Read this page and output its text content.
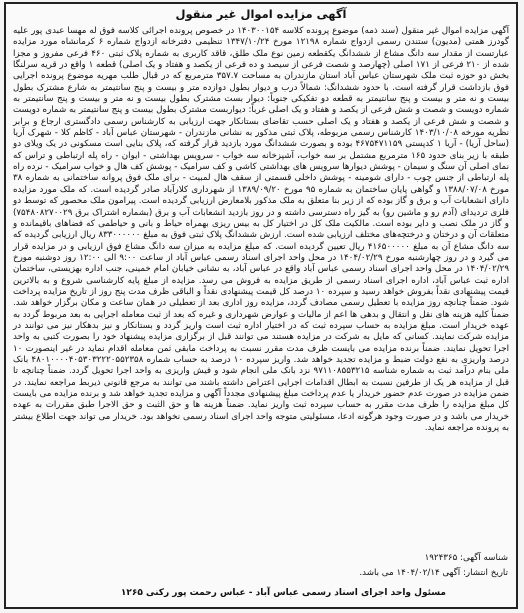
آگهی مزایده اموال غیر منقول

آگهی مزایده اموال غیر منقول (سند ذمه) موضوع پرونده کلاسه ۱۴۰۳۰۰۱۵۴ در خصوص پرونده اجرائی کلاسه فوق له مهسا عبدی پور علیه گودرز همتی (مدیون) ستندن رسمی ازدواج شماره ۱۲۱۹۸ مورخ ۱۳۴۷/۱۰/۲۴ تنظیمی دفترخانه ازدواج شماره ۶ کرمانشاه مورد مزایده عبارتست از مقدار سه دانگ مشاع از ششدانگ یکقطعه زمین نوع ملک طلق، قاقد کاربری به شماره پلاک ثبتی ۴۶۰ فرعی مفروز و مجزا شده از ۲۱۰ فرعی از ۱۷۱ اصلی (چهارصد و شصت فرعی از سیصد و ده فرعی از یکصد و هفتاد و یک اصلی) قطعه ۱ واقع در قریه سرلنگا بخش دو حوزه ثبت ملک شهرستان عباس آباد استان مازندران به مساحت ۳۵۷.۷ مترمربع که در قبال طلب مهریه موضوع پرونده اجرایی فوق بازداشت قرار گرفته است. با حدود ششدانگ: شمالاً درب و دیوار بطول دوازده متر و بیست و پنج سانتیمتر به شارع مشترک بطول بیست و نه متر و بیست و پنج سانتیمتر به قطعه دو تفکیکی جنوباً: دیوار بست مشترک بطول بیست و نه متر و بیست و پنج سانتیمتر به شماره دویست و شصت و شش فرعی از یکصد و هفتاد و یک اصلی غرباً: دیواربست مشترک بطول بیست و پنج سانتیمتر به شماره دویست و شصت و شش فرعی از یکصد و هفتاد و یک اصلی حسب تقاضای بستانکار جهت ارزیابی به کارشناس رسمی دادگستری ارجاع و برابر نظریه مورخه ۱۴۰۳/۱۰/۰۸ کارشناس رسمی مربوطه، پلاک ثبتی مذکور به نشانی مازندران - شهرستان عباس آباد - کاظم کلا - شهرک آریا (ساحل آریا) - آریا ۱ کدپستی ۴۶۷۵۴۷۱۱۵۹ بوده و بصورت ششدانگ مورد بازدید قرار گرفته که، پلاک بنایی است مسکونی در یک ویلای دو طبقه با زیر بنای حدود ۱۶۵ مترمربع مشتمل بر سه خواب، آشپزخانه سه خواب - سرویس بهداشتی - ایوان - راه پله ارتباطی و تراس که نمای اصلی آن سنگ و سیمان - پوشش دیوارها سرویس های بهداشتی کاشی و کف سرامیک - پوشش کف هال و خواب سرامیک - نرده راه پله ارتباطی از جنس چوب - دارای شومینه - پوشش داخلی قسمتی از سقف هال لمبیت - برای ملک فوق پروانه ساختمانی به شماره ۳۸ مورخ ۱۳۸۸/۰۷/۰۸ و گواهی پایان ساختمان به شماره ۹۵ مورخ ۱۳۸۹/۰۹/۲۰ از شهرداری کلارآباد صادر گردیده است. که ملک مورد مزایده دارای انشعابات آب و برق و گاز بوده که از زیر بنا متعلق به ملک مذکور بلامعارض ارزیابی گردیده است. پیرامون ملک محصور که توسط دو فلزی تردیدای (آدم رو و ماشین رو) به گیز راه دسترسی داشته و در روز بازدید انشعابات آب و برق (بشماره اشتراک برق ۷۵۴۸۰۸۲۷۰۰۲۹) و گاز در ملک نصب و دایر بوده است. مالکیت ملک کل در اختیار کل به بیس ریزی بهمراه حیاط و بانی و حیاطمی که فضاهای باقیمانده و متعلقات آن و درختان و درختچه‌های مختلف ارزیابی شده است. ارزش ششدانگ پلاک ثبتی فوق به مبلغ ۸۳۳۰۰۰۰۰۰ ریال ارزیابی گردیده که سه دانگ مشاع آن به مبلغ ۴۱۶۵۰۰۰۰۰ ریال تعیین گردیده است. که مبلغ مزایده به میزان سه دانگ مشاع فوق ارزیابی و در مزایده قرار می گیرد و در روز چهارشنبه مورخ ۱۴۰۴/۰۲/۲۹ در محل واحد اجرای اسناد رسمی عباس آباد از ساعت ۹:۰۰ الی ۱۲:۰۰ روز دوشنبه مورخ ۱۴۰۴/۰۲/۲۹ در محل واحد اجرای اسناد رسمی عباس آباد واقع در عباس آباد، به نشانی خیابان امام خمینی، جنب اداره بهزیستی، ساختمان اداره ثبت عباس آباد، اداره اجرای اسناد رسمی از طریق مزایده به فروش می رسد. مزایده از مبلغ پایه کارشناسی شروع و به بالاترین قیمت پیشنهادی نقداً بفروش خواهد رسید و سپرده ۱۰ درصد کل قیمت پیشنهادی نقداً و الباقی ظرف مدت پنج روز از تاریخ مزایده پرداخت شود. ضمناً چنانچه روز مزایده با تعطیل رسمی مصادف گردد، مزایده روز اداری بعد از تعطیلی در همان ساعت و مکان برگزار خواهد شد. ضمناً کلیه هزینه های نقل و انتقال و بدهی ها اعم از مالیات و عوارض شهرداری و غیره که بعد از ثبت معامله اجرایی به بعد مربوط گردد به عهده خریدار است. مبلغ مزایده به حساب سپرده ثبت که در اختیار اداره ثبت است واریز گردد و بستانکار و نیز بدهکار نیز می توانند در مزایده شرکت نمایند. کسانی که مایل به شرکت در مزایده هستند می توانند قبل از برگزاری مزایده پیشنهاد خود را بصورت کتبی به واحد اجرا تحویل نمایند. ضمناً برنده مزایده می بایست ظرف مدت مقرر نسبت به پرداخت مابقی ثمن معامله اقدام نماید در غیر اینصورت ۱۰ درصد واریزی به نفع دولت ضبط و مزایده تجدید خواهد شد. واریز سپرده ۱۰ درصد به حساب شماره ۴۸۰۱۰۰۰۰۴۰۵۳۰۳۲۲۲۰۵۵۲۳۵۸ بانک ملی بنام درآمد ثبت به شماره شناسه ۹۷۱۱۰۸۵۵۳۲۱۵ نزد بانک ملی انجام شود و فیش واریزی به واحد اجرا تحویل گردد. ضمناً چنانچه تا قبل از مزایده هر یک از طرفین نسبت به ابطال اقدامات اجرایی اعتراض داشته باشند می توانند به مرجع قانونی ذیربط مراجعه نمایند. در ضمن مزایده در صورت عدم حضور خریدار یا عدم پرداخت مبلغ پیشنهادی مجدداً آگهی و مزایده تجدید خواهد شد و برنده مزایده می بایست کل مبلغ مزایده را ظرف مدت مقرر به حساب سپرده ثبت واریز نماید. ضمناً هزینه ها و حق الثبت و حق الاجرا طبق مقررات به عهده خریدار می باشد و در صورت وجود هرگونه ادعا، مسئولیتی متوجه واحد اجرای اسناد رسمی نخواهد بود. خریدار می تواند جهت اطلاع بیشتر به پرونده مراجعه نماید.

شناسه آگهی: ۱۹۲۴۳۶۵
تاریخ انتشار: آگهی ۱۴۰۴/۰۲/۱۴ می باشد.
مسئول واحد اجرای اسناد رسمی عباس آباد - عباس رحمت پور رکنی ۱۲۶۵
